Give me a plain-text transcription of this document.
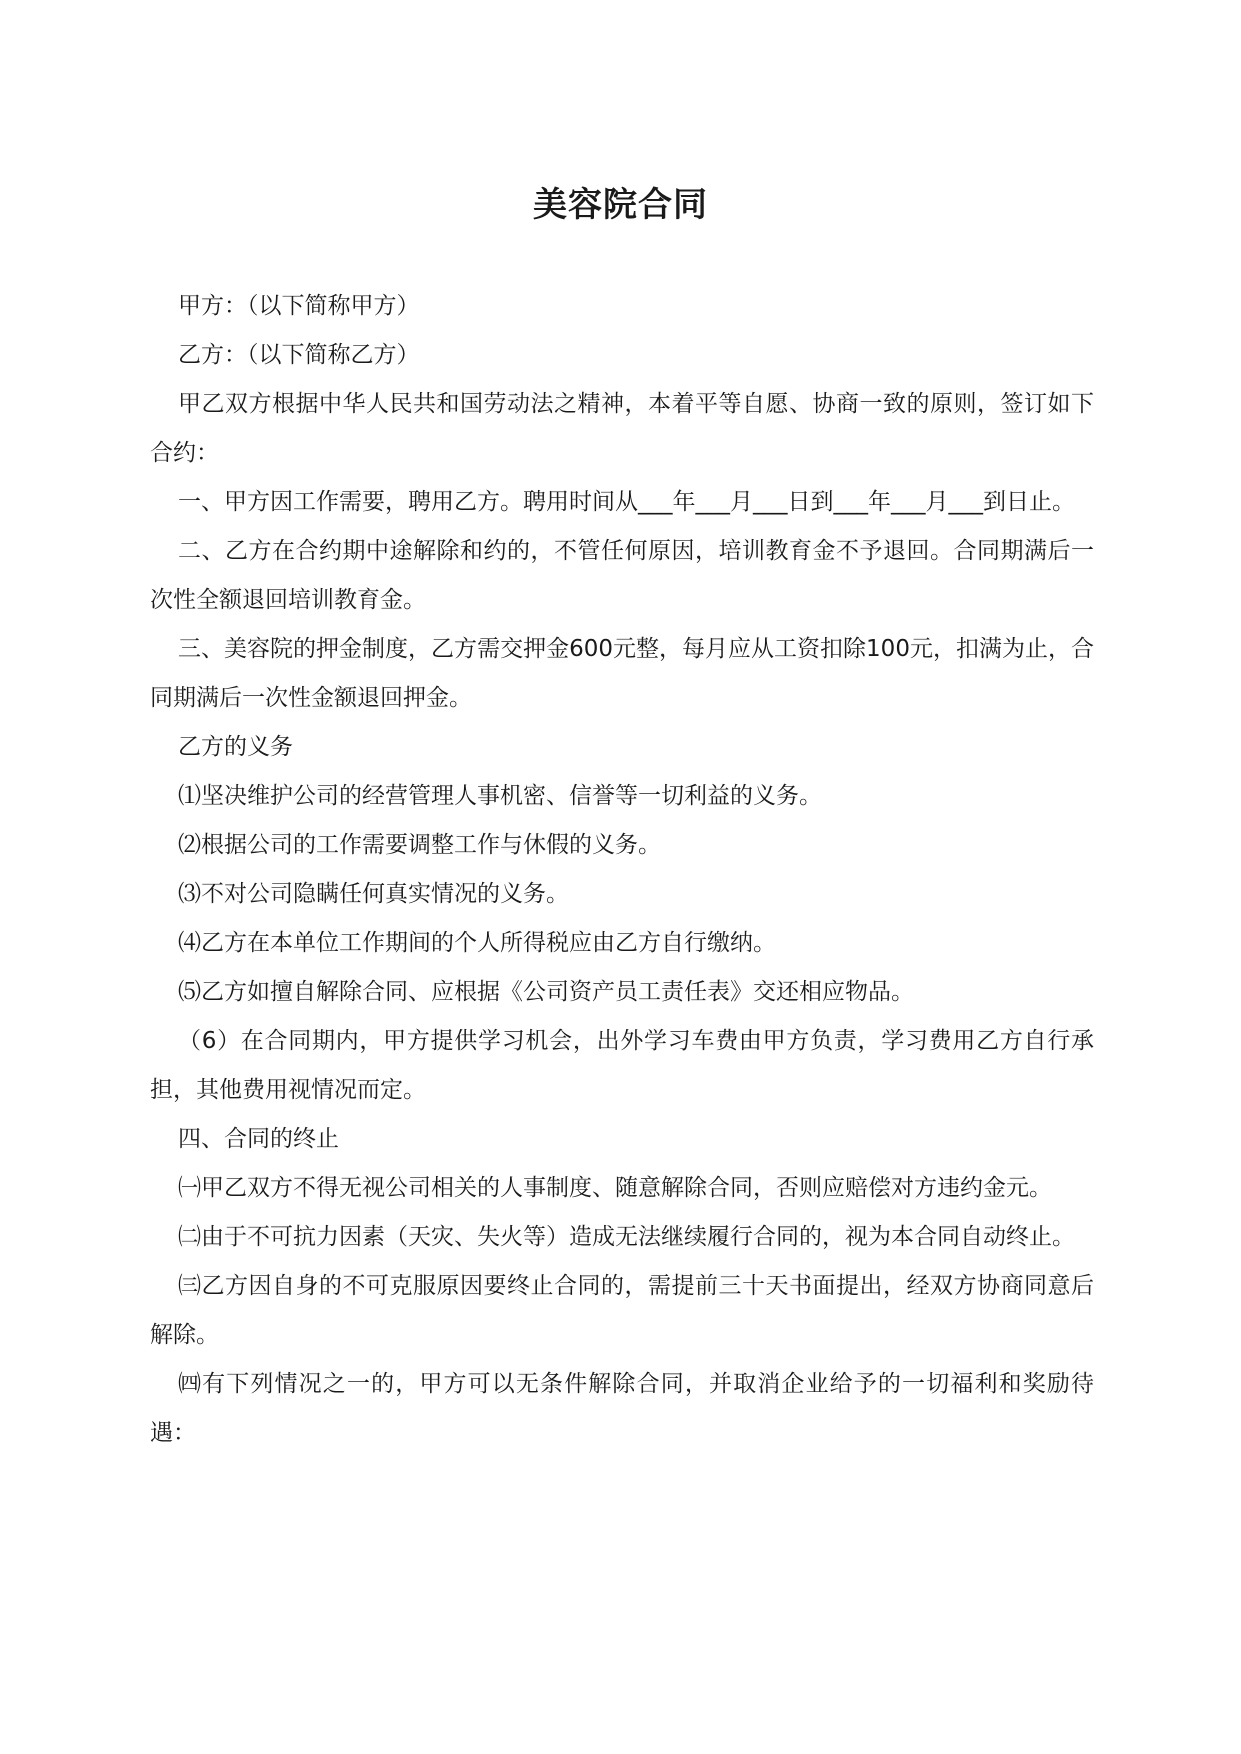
美容院合同

甲方：（以下简称甲方）

乙方：（以下简称乙方）

甲乙双方根据中华人民共和国劳动法之精神，本着平等自愿、协商一致的原则，签订如下合约：

一、甲方因工作需要，聘用乙方。聘用时间从___年___月___日到___年___月___到日止。

二、乙方在合约期中途解除和约的，不管任何原因，培训教育金不予退回。合同期满后一次性全额退回培训教育金。

三、美容院的押金制度，乙方需交押金600元整，每月应从工资扣除100元，扣满为止，合同期满后一次性金额退回押金。

乙方的义务

⑴坚决维护公司的经营管理人事机密、信誉等一切利益的义务。

⑵根据公司的工作需要调整工作与休假的义务。

⑶不对公司隐瞒任何真实情况的义务。

⑷乙方在本单位工作期间的个人所得税应由乙方自行缴纳。

⑸乙方如擅自解除合同、应根据《公司资产员工责任表》交还相应物品。

（6）在合同期内，甲方提供学习机会，出外学习车费由甲方负责，学习费用乙方自行承担，其他费用视情况而定。

四、合同的终止

㈠甲乙双方不得无视公司相关的人事制度、随意解除合同，否则应赔偿对方违约金元。

㈡由于不可抗力因素（天灾、失火等）造成无法继续履行合同的，视为本合同自动终止。

㈢乙方因自身的不可克服原因要终止合同的，需提前三十天书面提出，经双方协商同意后解除。

㈣有下列情况之一的，甲方可以无条件解除合同，并取消企业给予的一切福利和奖励待遇：
